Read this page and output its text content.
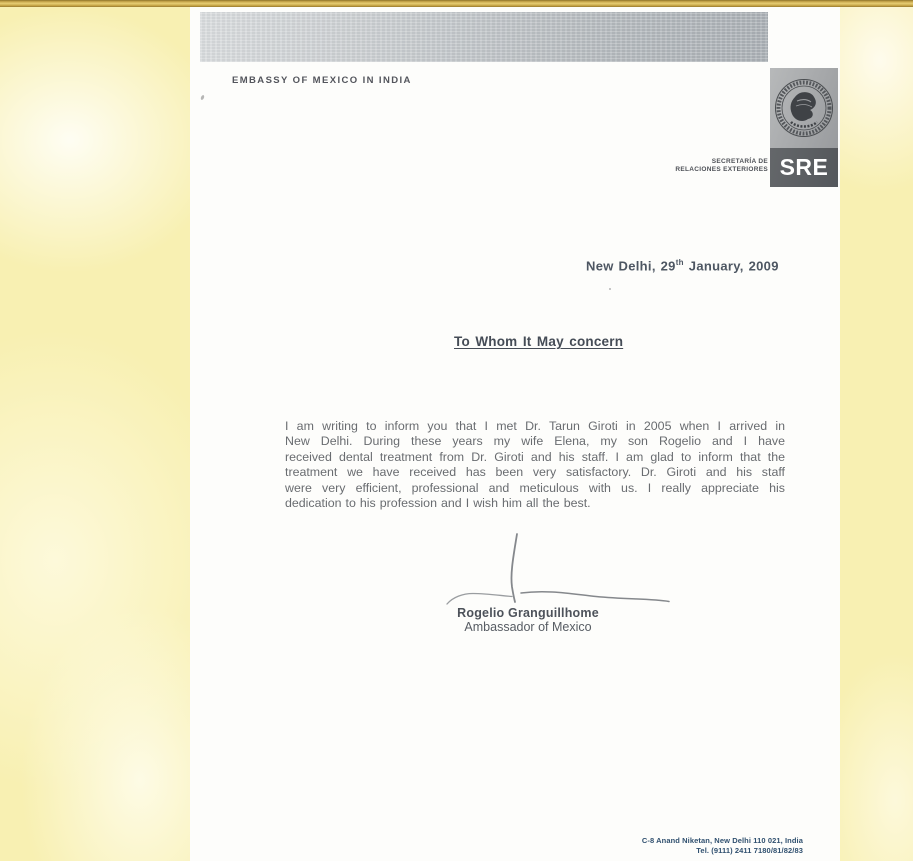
EMBASSY OF MEXICO IN INDIA
SRE
SECRETARÍA DE
RELACIONES EXTERIORES
New Delhi, 29th January, 2009
To Whom It May concern
I am writing to inform you that I met Dr. Tarun Giroti in 2005 when I arrived in
New Delhi. During these years my wife Elena, my son Rogelio and I have
received dental treatment from Dr. Giroti and his staff. I am glad to inform that the
treatment we have received has been very satisfactory. Dr. Giroti and his staff
were very efficient, professional and meticulous with us. I really appreciate his
dedication to his profession and I wish him all the best.
Rogelio Granguillhome
Ambassador of Mexico
C-8 Anand Niketan, New Delhi 110 021, India
Tel. (9111) 2411 7180/81/82/83
